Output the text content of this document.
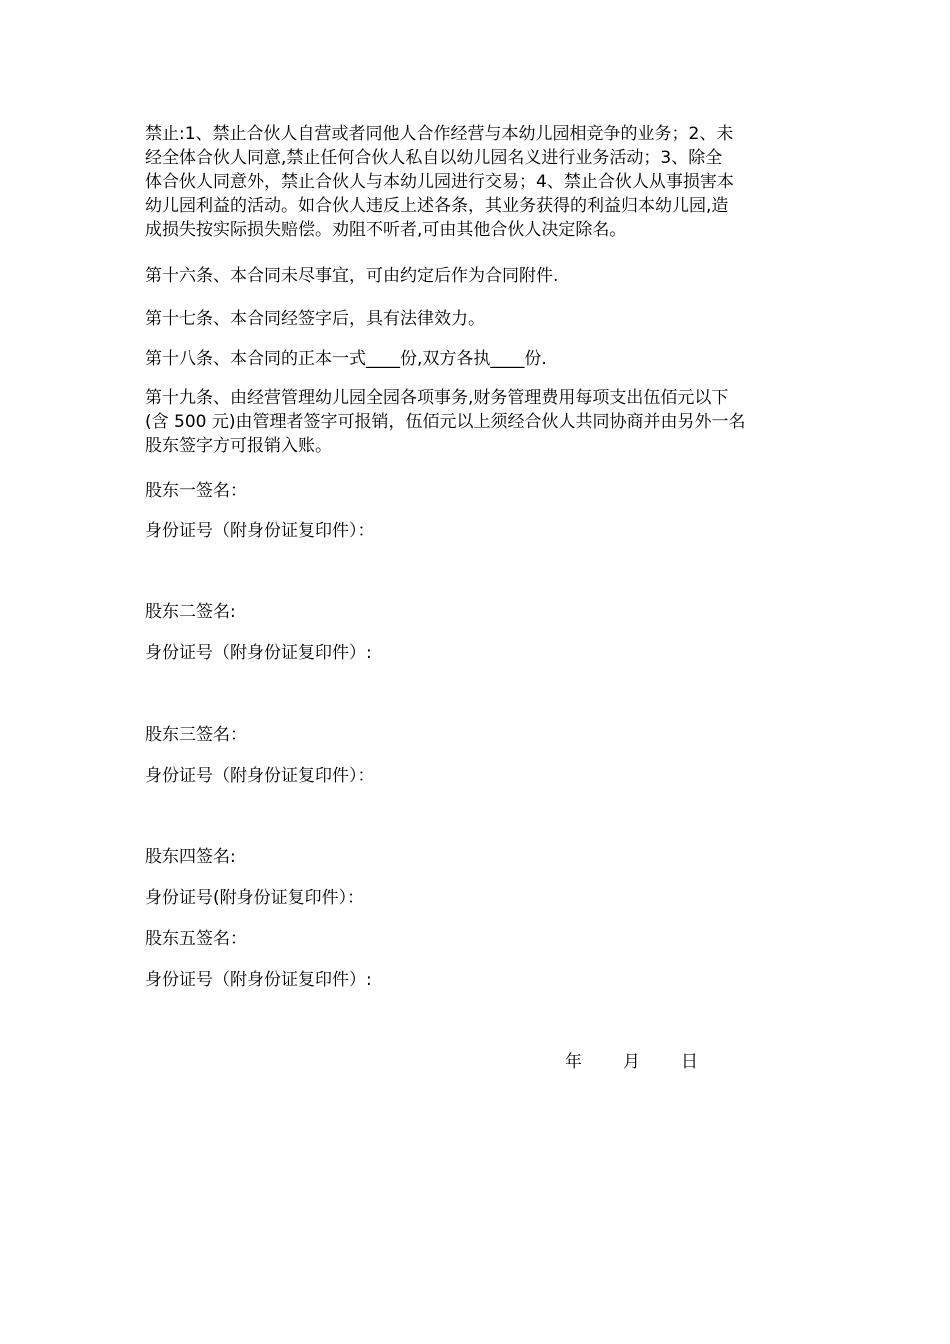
禁止:1、禁止合伙人自营或者同他人合作经营与本幼儿园相竞争的业务；2、未
经全体合伙人同意,禁止任何合伙人私自以幼儿园名义进行业务活动；3、除全
体合伙人同意外，禁止合伙人与本幼儿园进行交易；4、禁止合伙人从事损害本
幼儿园利益的活动。如合伙人违反上述各条，其业务获得的利益归本幼儿园,造
成损失按实际损失赔偿。劝阻不听者,可由其他合伙人决定除名。
第十六条、本合同未尽事宜，可由约定后作为合同附件.
第十七条、本合同经签字后，具有法律效力。
第十八条、本合同的正本一式____份,双方各执____份.
第十九条、由经营管理幼儿园全园各项事务,财务管理费用每项支出伍佰元以下
(含 500 元)由管理者签字可报销，伍佰元以上须经合伙人共同协商并由另外一名
股东签字方可报销入账。
股东一签名：
身份证号（附身份证复印件）：
股东二签名:
身份证号（附身份证复印件）:
股东三签名：
身份证号（附身份证复印件）：
股东四签名:
身份证号(附身份证复印件）：
股东五签名：
身份证号（附身份证复印件）:
年 月 日
